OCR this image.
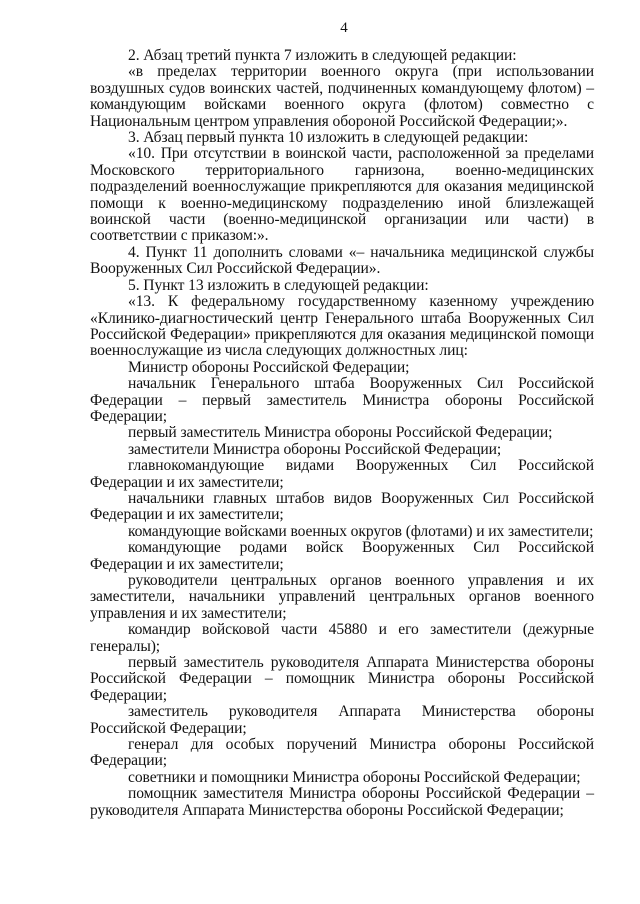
4

2. Абзац третий пункта 7 изложить в следующей редакции:

«в пределах территории военного округа (при использовании воздушных судов воинских частей, подчиненных командующему флотом) – командующим войсками военного округа (флотом) совместно с Национальным центром управления обороной Российской Федерации;».

3. Абзац первый пункта 10 изложить в следующей редакции:

«10. При отсутствии в воинской части, расположенной за пределами Московского территориального гарнизона, военно-медицинских подразделений военнослужащие прикрепляются для оказания медицинской помощи к военно-медицинскому подразделению иной близлежащей воинской части (военно-медицинской организации или части) в соответствии с приказом:».

4. Пункт 11 дополнить словами «– начальника медицинской службы Вооруженных Сил Российской Федерации».

5. Пункт 13 изложить в следующей редакции:

«13. К федеральному государственному казенному учреждению «Клинико-диагностический центр Генерального штаба Вооруженных Сил Российской Федерации» прикрепляются для оказания медицинской помощи военнослужащие из числа следующих должностных лиц:

Министр обороны Российской Федерации;

начальник Генерального штаба Вооруженных Сил Российской Федерации – первый заместитель Министра обороны Российской Федерации;

первый заместитель Министра обороны Российской Федерации;

заместители Министра обороны Российской Федерации;

главнокомандующие видами Вооруженных Сил Российской Федерации и их заместители;

начальники главных штабов видов Вооруженных Сил Российской Федерации и их заместители;

командующие войсками военных округов (флотами) и их заместители;

командующие родами войск Вооруженных Сил Российской Федерации и их заместители;

руководители центральных органов военного управления и их заместители, начальники управлений центральных органов военного управления и их заместители;

командир войсковой части 45880 и его заместители (дежурные генералы);

первый заместитель руководителя Аппарата Министерства обороны Российской Федерации – помощник Министра обороны Российской Федерации;

заместитель руководителя Аппарата Министерства обороны Российской Федерации;

генерал для особых поручений Министра обороны Российской Федерации;

советники и помощники Министра обороны Российской Федерации;

помощник заместителя Министра обороны Российской Федерации – руководителя Аппарата Министерства обороны Российской Федерации;
